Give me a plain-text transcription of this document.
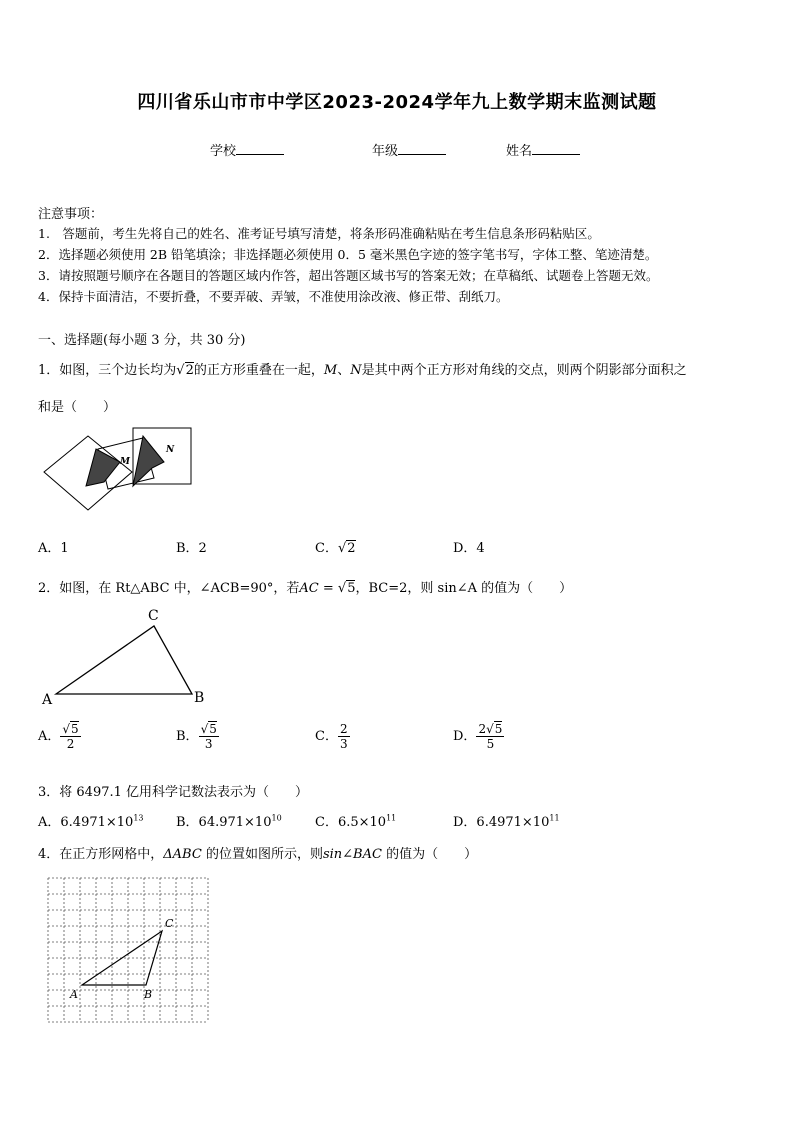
四川省乐山市市中学区2023-2024学年九上数学期末监测试题
学校	年级	姓名
注意事项：
1.　答题前，考生先将自己的姓名、准考证号填写清楚，将条形码准确粘贴在考生信息条形码粘贴区。
2．选择题必须使用 2B 铅笔填涂；非选择题必须使用 0．5 毫米黑色字迹的签字笔书写，字体工整、笔迹清楚。
3．请按照题号顺序在各题目的答题区域内作答，超出答题区域书写的答案无效；在草稿纸、试题卷上答题无效。
4．保持卡面清洁，不要折叠，不要弄破、弄皱，不准使用涂改液、修正带、刮纸刀。
一、选择题(每小题 3 分，共 30 分)
1．如图，三个边长均为√2的正方形重叠在一起，M、N是其中两个正方形对角线的交点，则两个阴影部分面积之
和是（　　）
M
N
A．1	B．2	C．√2	D．4
2．如图，在 Rt△ABC 中，∠ACB=90°，若AC = √5，BC=2，则 sin∠A 的值为（　　）
A	B
C
A． $\frac{√5}{2}$	B． $\frac{√5}{3}$	C． $\frac{2}{3}$	D． $\frac{2√5}{5}$
3．将 6497.1 亿用科学记数法表示为（　　）
A．$6.4971\times 10^{13}$	B．$64.971\times 10^{10}$	C．$6.5\times 10^{11}$	D．$6.4971\times 10^{11}$
4．在正方形网格中，ΔABC 的位置如图所示，则sin∠BAC 的值为（　　）
A	B
C
